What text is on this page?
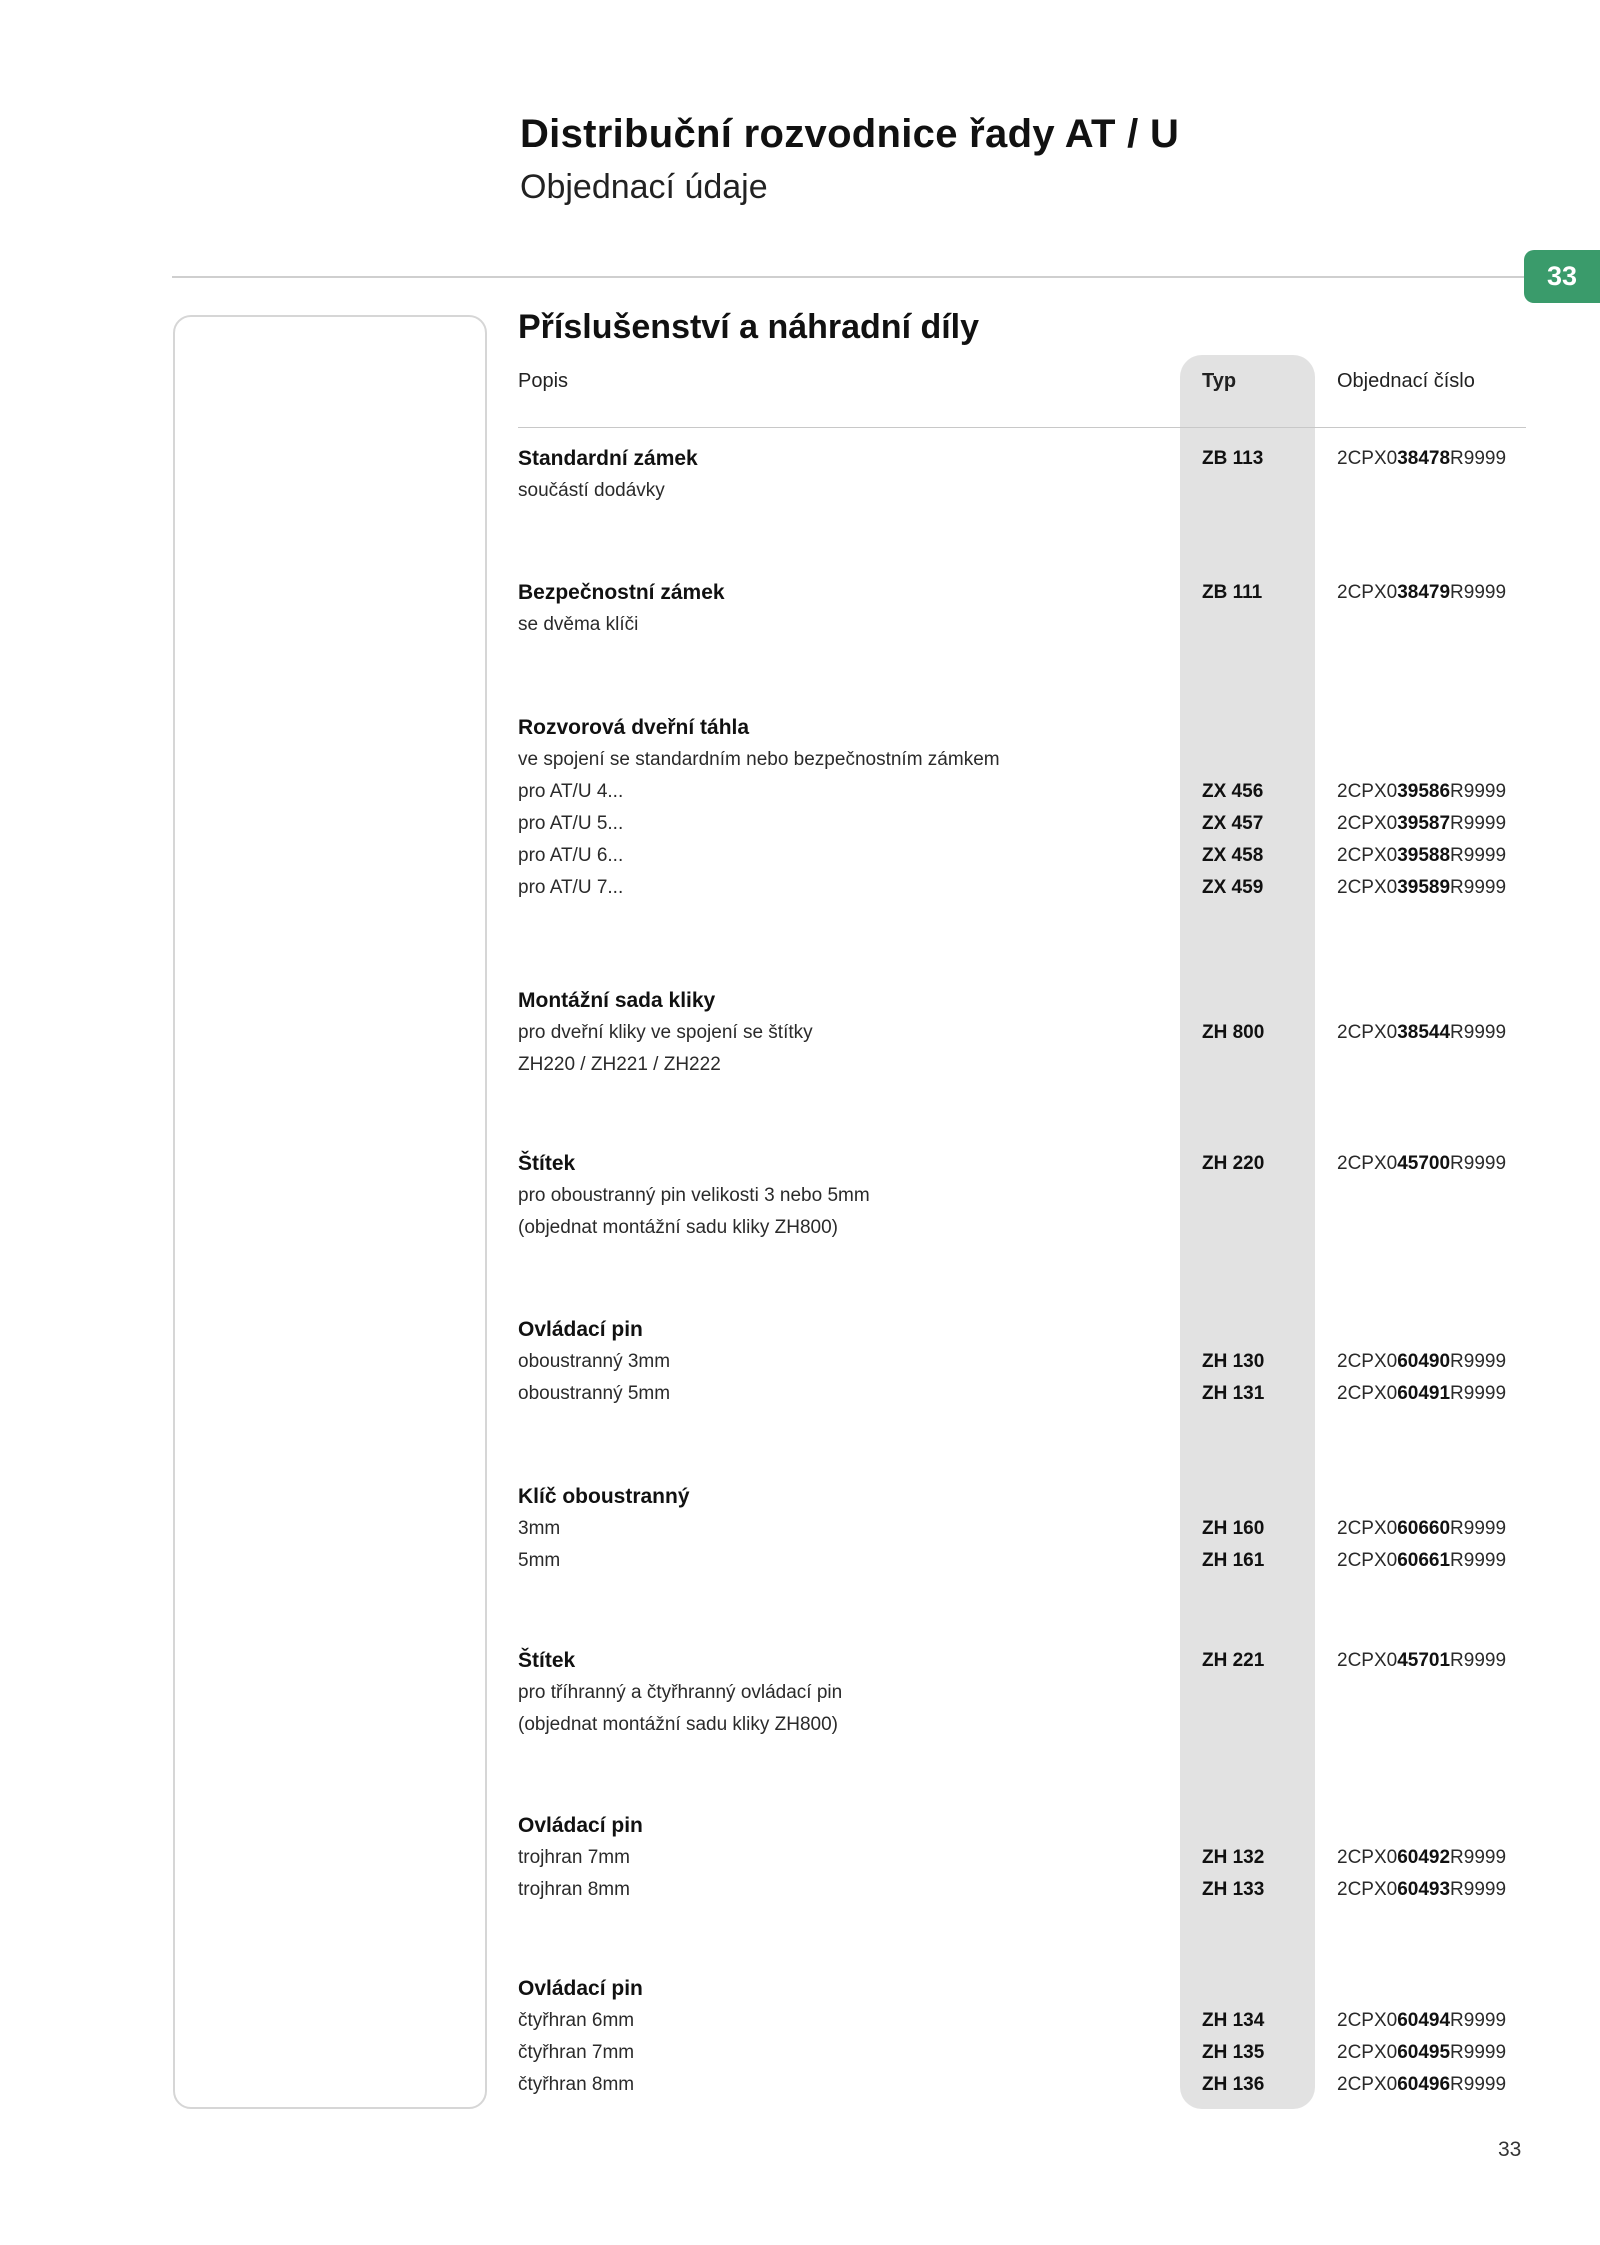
Distribuční rozvodnice řady AT / U
Objednací údaje
33
Příslušenství a náhradní díly
Popis	Typ	Objednací číslo
Standardní zámek	ZB 113	2CPX038478R9999
součástí dodávky
Bezpečnostní zámek	ZB 111	2CPX038479R9999
se dvěma klíči
Rozvorová dveřní táhla
ve spojení se standardním nebo bezpečnostním zámkem
pro AT/U 4...	ZX 456	2CPX039586R9999
pro AT/U 5...	ZX 457	2CPX039587R9999
pro AT/U 6...	ZX 458	2CPX039588R9999
pro AT/U 7...	ZX 459	2CPX039589R9999
Montážní sada kliky
pro dveřní kliky ve spojení se štítky	ZH 800	2CPX038544R9999
ZH220 / ZH221 / ZH222
Štítek	ZH 220	2CPX045700R9999
pro oboustranný pin velikosti 3 nebo 5mm
(objednat montážní sadu kliky ZH800)
Ovládací pin
oboustranný 3mm	ZH 130	2CPX060490R9999
oboustranný 5mm	ZH 131	2CPX060491R9999
Klíč oboustranný
3mm	ZH 160	2CPX060660R9999
5mm	ZH 161	2CPX060661R9999
Štítek	ZH 221	2CPX045701R9999
pro tříhranný a čtyřhranný ovládací pin
(objednat montážní sadu kliky ZH800)
Ovládací pin
trojhran 7mm	ZH 132	2CPX060492R9999
trojhran 8mm	ZH 133	2CPX060493R9999
Ovládací pin
čtyřhran 6mm	ZH 134	2CPX060494R9999
čtyřhran 7mm	ZH 135	2CPX060495R9999
čtyřhran 8mm	ZH 136	2CPX060496R9999
33
